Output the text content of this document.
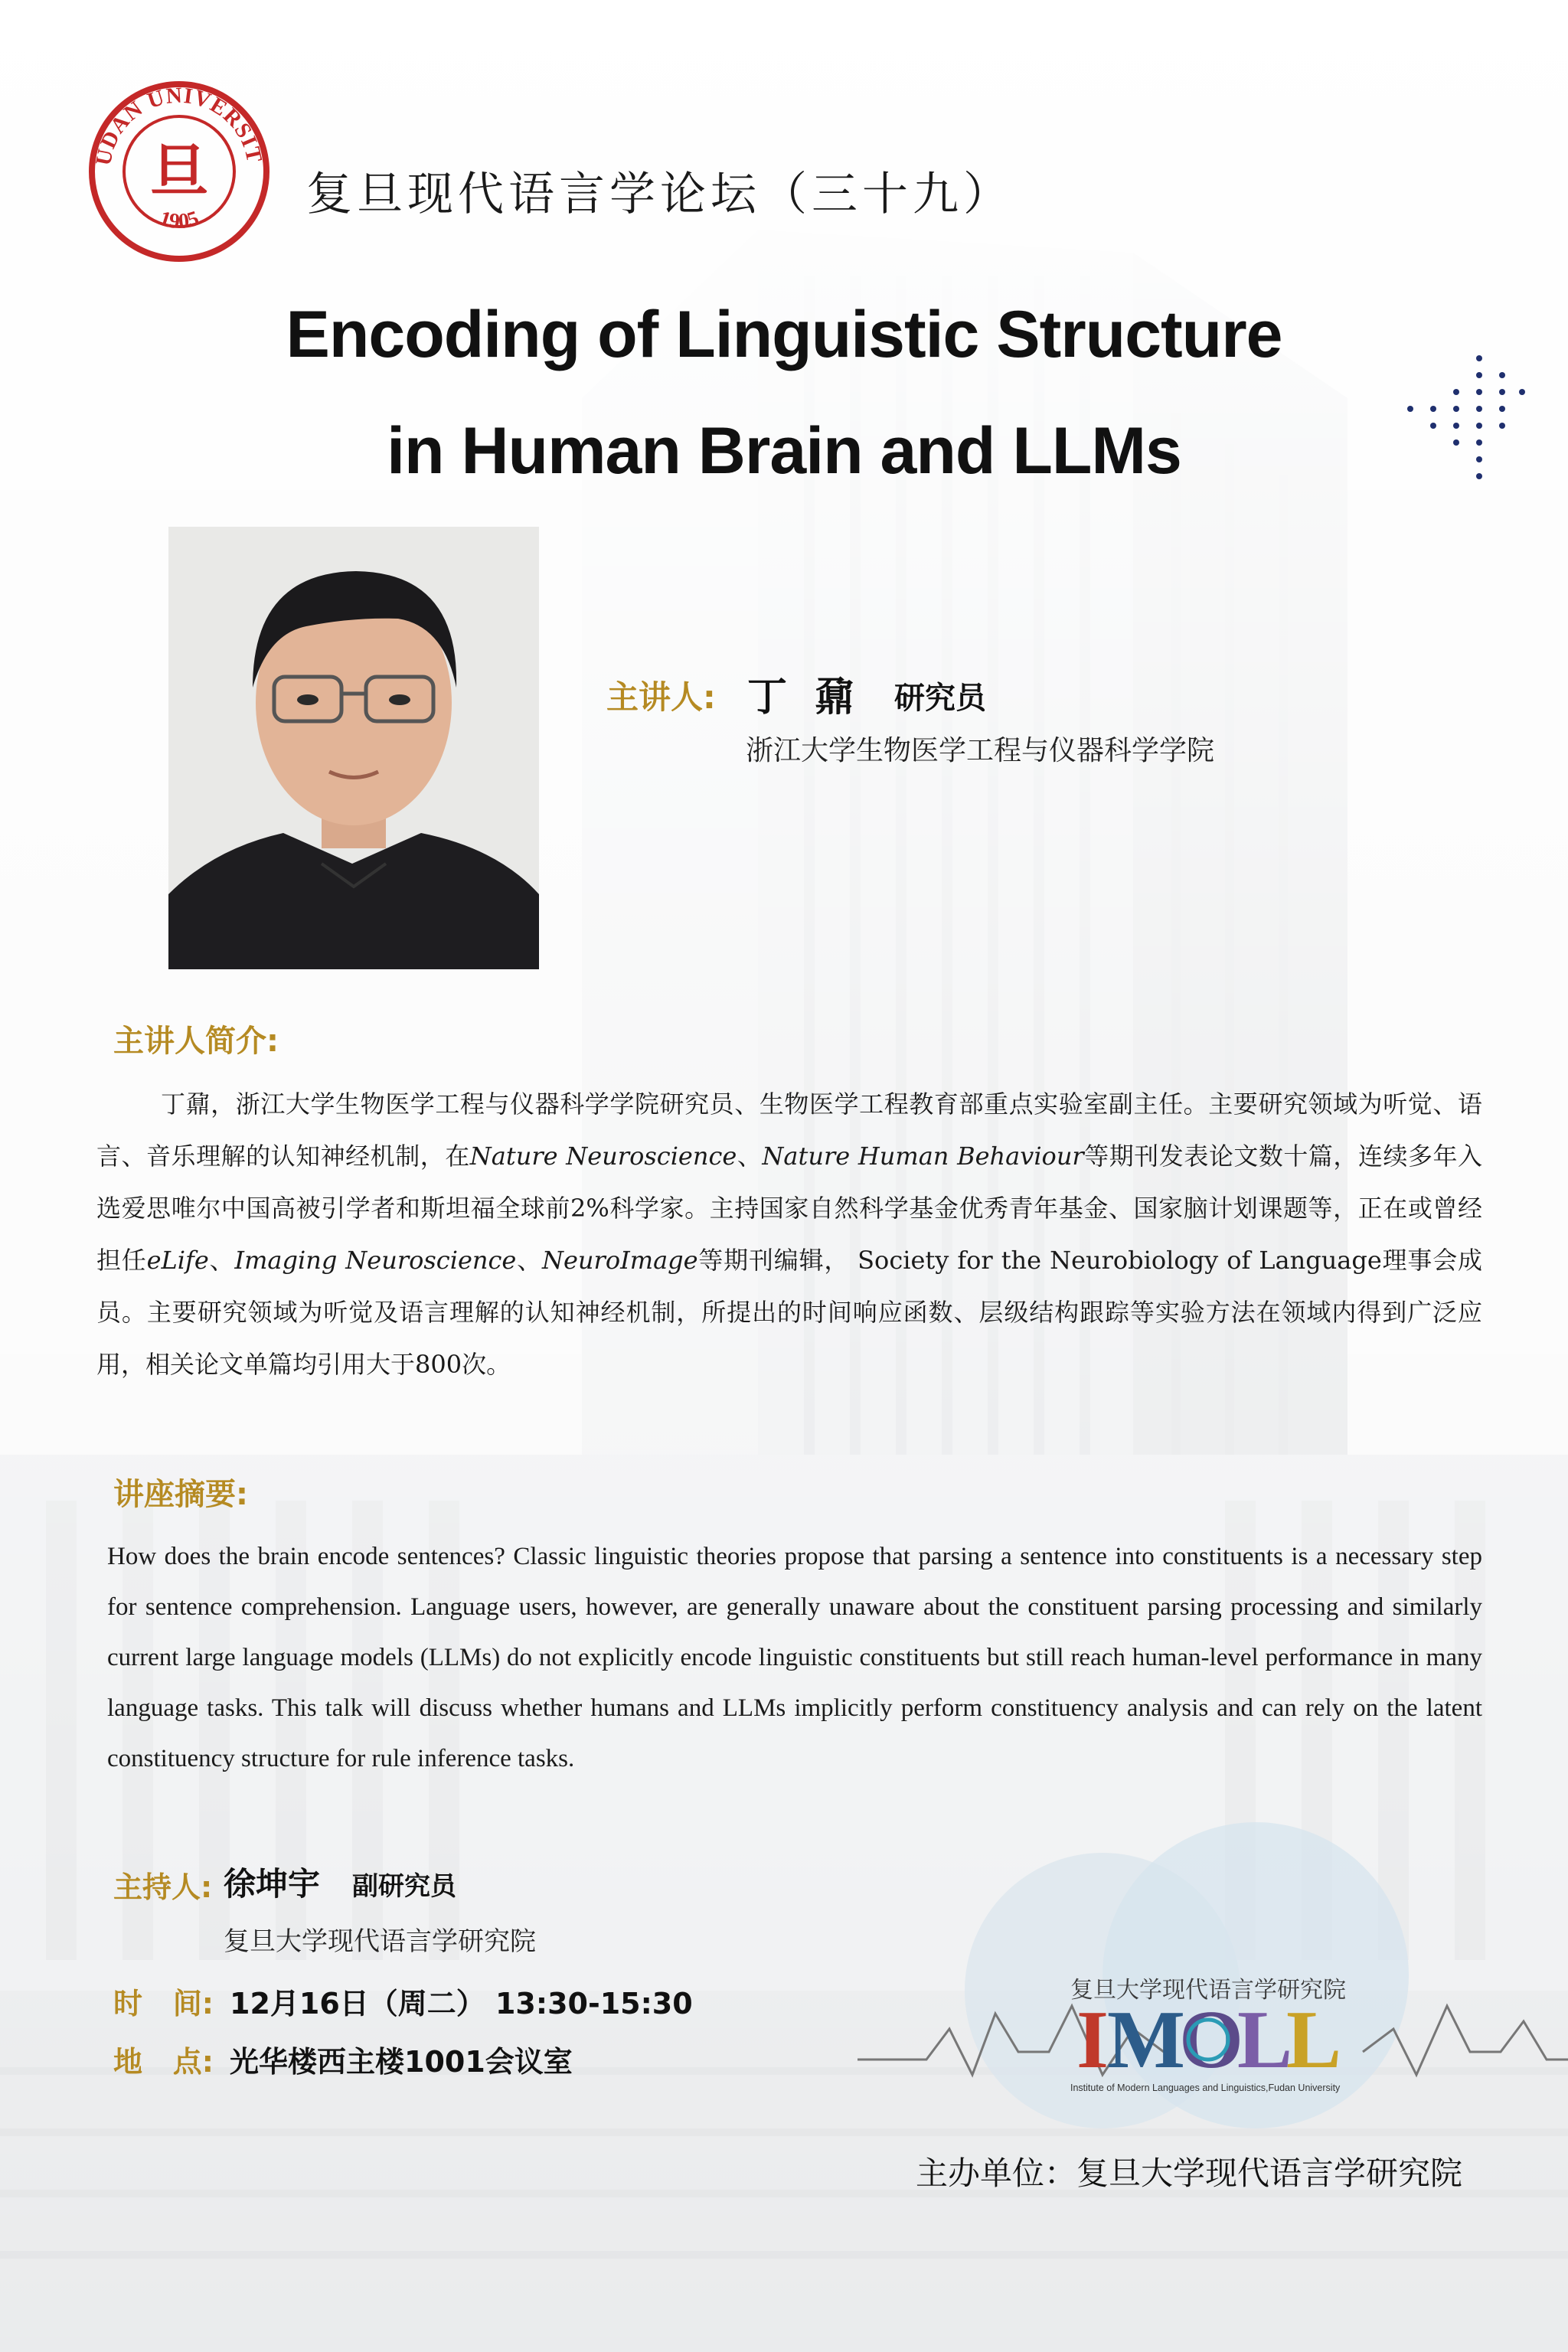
UDAN UNIVERSIT
1905
旦 复旦现代语言学论坛（三十九）
Encoding of Linguistic Structure
in Human Brain and LLMs
主讲人: 丁鼐 研究员
浙江大学生物医学工程与仪器科学学院
主讲人简介:
丁鼐，浙江大学生物医学工程与仪器科学学院研究员、生物医学工程教育部重点实验室副主任。主要研究领域为听觉、语言、音乐理解的认知神经机制，在Nature Neuroscience、Nature Human Behaviour等期刊发表论文数十篇，连续多年入选爱思唯尔中国高被引学者和斯坦福全球前2%科学家。主持国家自然科学基金优秀青年基金、国家脑计划课题等，正在或曾经担任eLife、Imaging Neuroscience、NeuroImage等期刊编辑， Society for the Neurobiology of Language理事会成员。主要研究领域为听觉及语言理解的认知神经机制，所提出的时间响应函数、层级结构跟踪等实验方法在领域内得到广泛应用，相关论文单篇均引用大于800次。
讲座摘要:
How does the brain encode sentences? Classic linguistic theories propose that parsing a sentence into constituents is a necessary step for sentence comprehension. Language users, however, are generally unaware about the constituent parsing processing and similarly current large language models (LLMs) do not explicitly encode linguistic constituents but still reach human-level performance in many language tasks. This talk will discuss whether humans and LLMs implicitly perform constituency analysis and can rely on the latent constituency structure for rule inference tasks.
主持人: 徐坤宇 副研究员
复旦大学现代语言学研究院
时   间: 12月16日（周二） 13:30-15:30
地   点: 光华楼西主楼1001会议室	I
M
O
L
L
复旦大学现代语言学研究院
Institute of Modern Languages and Linguistics,Fudan University
主办单位：复旦大学现代语言学研究院
